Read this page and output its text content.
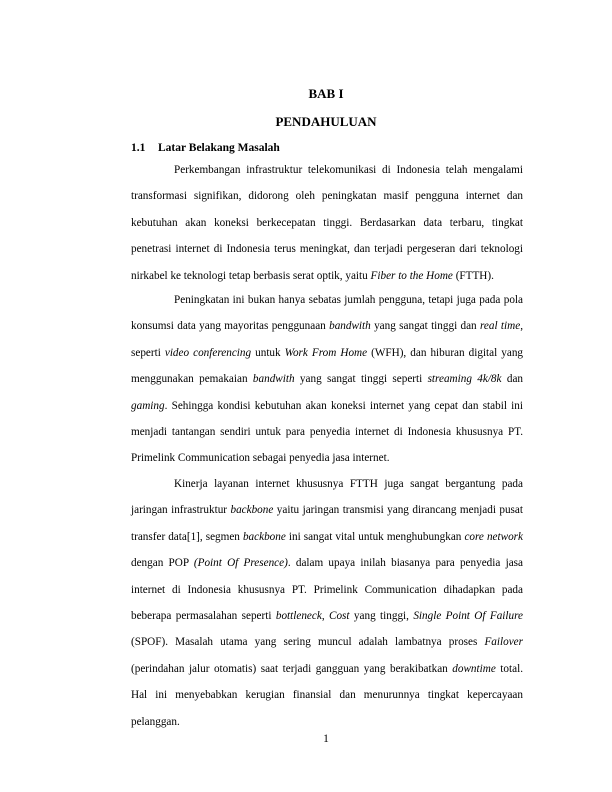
BAB I
PENDAHULUAN
1.1 Latar Belakang Masalah

Perkembangan infrastruktur telekomunikasi di Indonesia telah mengalami transformasi signifikan, didorong oleh peningkatan masif pengguna internet dan kebutuhan akan koneksi berkecepatan tinggi. Berdasarkan data terbaru, tingkat penetrasi internet di Indonesia terus meningkat, dan terjadi pergeseran dari teknologi nirkabel ke teknologi tetap berbasis serat optik, yaitu Fiber to the Home (FTTH).

Peningkatan ini bukan hanya sebatas jumlah pengguna, tetapi juga pada pola konsumsi data yang mayoritas penggunaan bandwith yang sangat tinggi dan real time, seperti video conferencing untuk Work From Home (WFH), dan hiburan digital yang menggunakan pemakaian bandwith yang sangat tinggi seperti streaming 4k/8k dan gaming. Sehingga kondisi kebutuhan akan koneksi internet yang cepat dan stabil ini menjadi tantangan sendiri untuk para penyedia internet di Indonesia khususnya PT. Primelink Communication sebagai penyedia jasa internet.

Kinerja layanan internet khususnya FTTH juga sangat bergantung pada jaringan infrastruktur backbone yaitu jaringan transmisi yang dirancang menjadi pusat transfer data[1], segmen backbone ini sangat vital untuk menghubungkan core network dengan POP (Point Of Presence). dalam upaya inilah biasanya para penyedia jasa internet di Indonesia khususnya PT. Primelink Communication dihadapkan pada beberapa permasalahan seperti bottleneck, Cost yang tinggi, Single Point Of Failure (SPOF). Masalah utama yang sering muncul adalah lambatnya proses Failover (perindahan jalur otomatis) saat terjadi gangguan yang berakibatkan downtime total. Hal ini menyebabkan kerugian finansial dan menurunnya tingkat kepercayaan pelanggan.

1
